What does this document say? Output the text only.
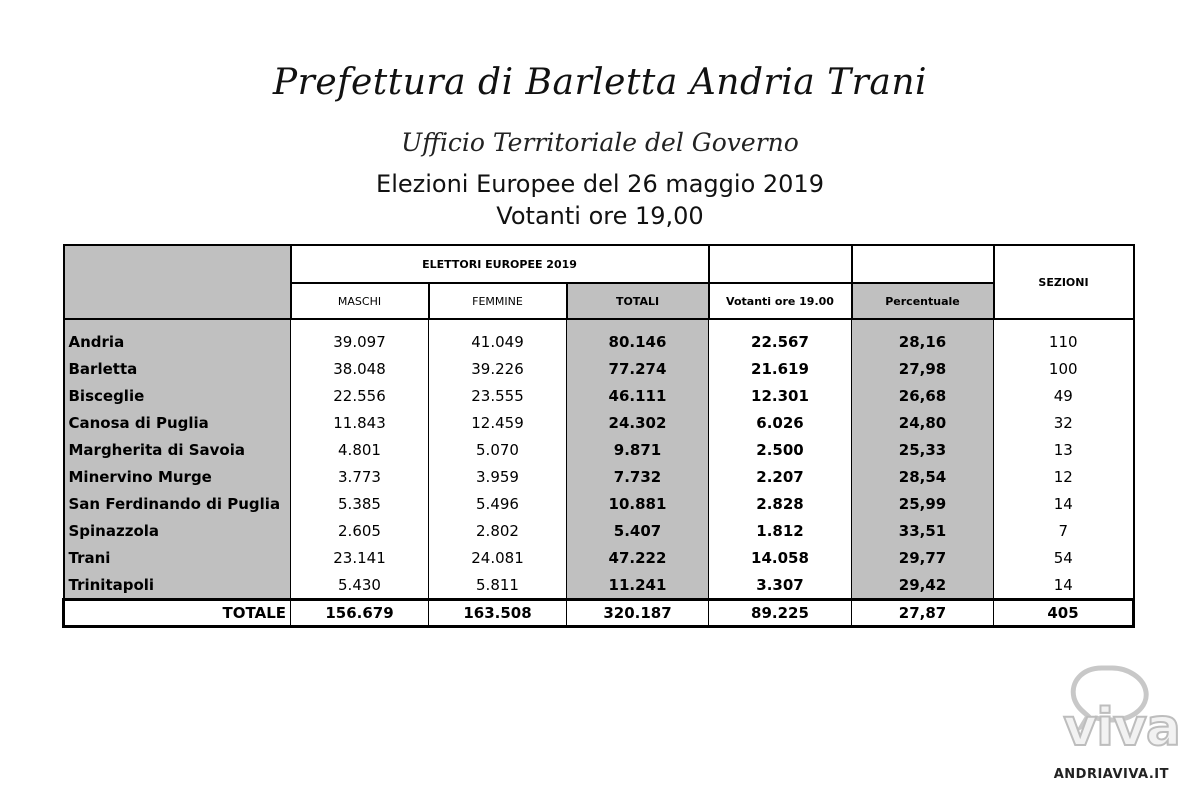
Prefettura di Barletta Andria Trani
Ufficio Territoriale del Governo
Elezioni Europee del 26 maggio 2019
Votanti ore 19,00
	ELETTORI EUROPEE 2019					SEZIONI
	MASCHI	FEMMINE	TOTALI	Votanti ore 19.00	Percentuale	

Andria	39.097	41.049	80.146	22.567	28,16	110
Barletta	38.048	39.226	77.274	21.619	27,98	100
Bisceglie	22.556	23.555	46.111	12.301	26,68	49
Canosa di Puglia	11.843	12.459	24.302	6.026	24,80	32
Margherita di Savoia	4.801	5.070	9.871	2.500	25,33	13
Minervino Murge	3.773	3.959	7.732	2.207	28,54	12
San Ferdinando di Puglia	5.385	5.496	10.881	2.828	25,99	14
Spinazzola	2.605	2.802	5.407	1.812	33,51	7
Trani	23.141	24.081	47.222	14.058	29,77	54
Trinitapoli	5.430	5.811	11.241	3.307	29,42	14
TOTALE	156.679	163.508	320.187	89.225	27,87	405
viva
ANDRIAVIVA.IT
